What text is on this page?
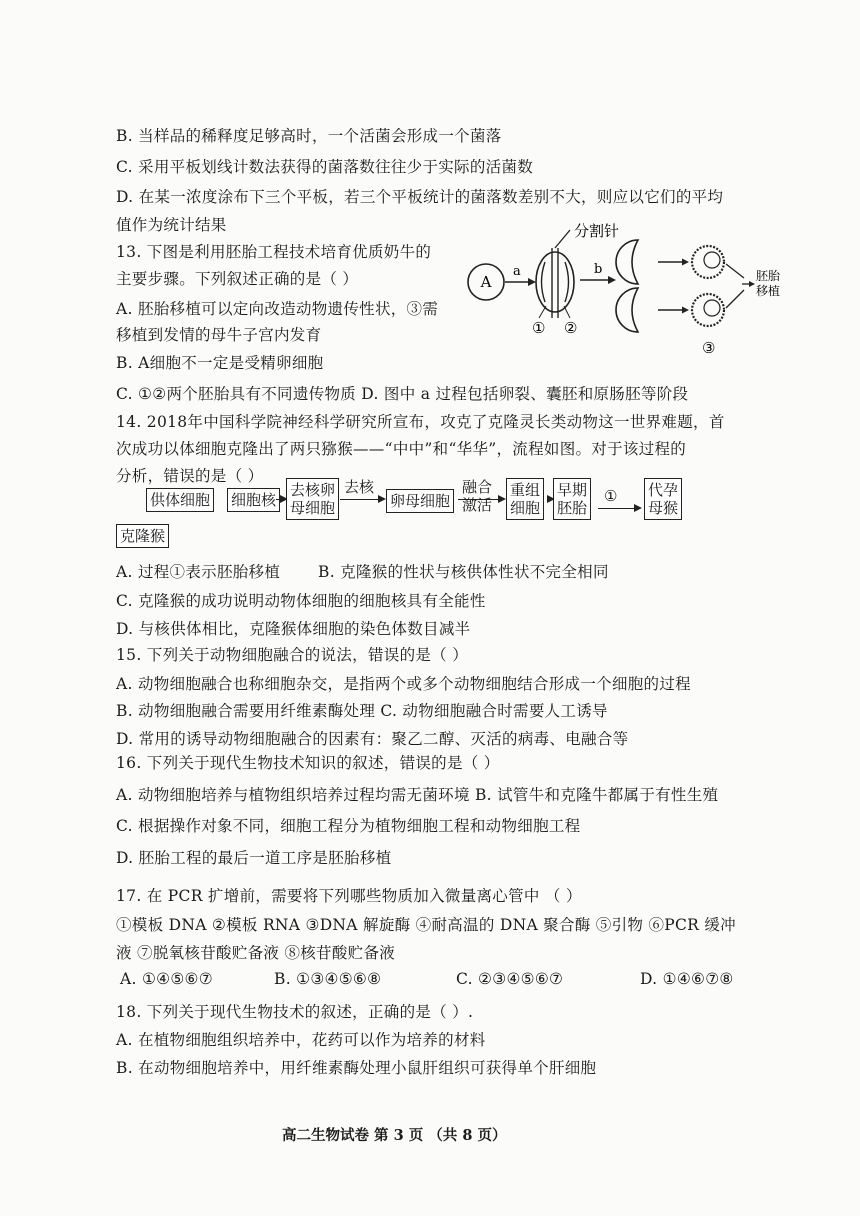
B. 当样品的稀释度足够高时，一个活菌会形成一个菌落
C. 采用平板划线计数法获得的菌落数往往少于实际的活菌数
D. 在某一浓度涂布下三个平板，若三个平板统计的菌落数差别不大，则应以它们的平均
值作为统计结果
13. 下图是利用胚胎工程技术培育优质奶牛的
主要步骤。下列叙述正确的是（ ）
A. 胚胎移植可以定向改造动物遗传性状，③需
移植到发情的母牛子宫内发育
B. A细胞不一定是受精卵细胞
C. ①②两个胚胎具有不同遗传物质 D. 图中 a 过程包括卵裂、囊胚和原肠胚等阶段
A
a
分割针
① ②
b
③
胚胎
移植
14. 2018年中国科学院神经科学研究所宣布，攻克了克隆灵长类动物这一世界难题，首
次成功以体细胞克隆出了两只猕猴——“中中”和“华华”，流程如图。对于该过程的
分析，错误的是（ ）
供体细胞 细胞核
去核卵
母细胞
去核
卵母细胞
融合
激活
重组
细胞
早期
胚胎
① 代孕
母猴
克隆猴
A. 过程①表示胚胎移植 B. 克隆猴的性状与核供体性状不完全相同
C. 克隆猴的成功说明动物体细胞的细胞核具有全能性
D. 与核供体相比，克隆猴体细胞的染色体数目减半
15. 下列关于动物细胞融合的说法，错误的是（ ）
A. 动物细胞融合也称细胞杂交，是指两个或多个动物细胞结合形成一个细胞的过程
B. 动物细胞融合需要用纤维素酶处理 C. 动物细胞融合时需要人工诱导
D. 常用的诱导动物细胞融合的因素有：聚乙二醇、灭活的病毒、电融合等
16. 下列关于现代生物技术知识的叙述，错误的是（ ）
A. 动物细胞培养与植物组织培养过程均需无菌环境 B. 试管牛和克隆牛都属于有性生殖
C. 根据操作对象不同，细胞工程分为植物细胞工程和动物细胞工程
D. 胚胎工程的最后一道工序是胚胎移植
17. 在 PCR 扩增前，需要将下列哪些物质加入微量离心管中 （ ）
①模板 DNA ②模板 RNA ③DNA 解旋酶 ④耐高温的 DNA 聚合酶 ⑤引物 ⑥PCR 缓冲
液 ⑦脱氧核苷酸贮备液 ⑧核苷酸贮备液
A. ①④⑤⑥⑦	B. ①③④⑤⑥⑧	C. ②③④⑤⑥⑦	D. ①④⑥⑦⑧
18. 下列关于现代生物技术的叙述，正确的是（ ）.
A. 在植物细胞组织培养中，花药可以作为培养的材料
B. 在动物细胞培养中，用纤维素酶处理小鼠肝组织可获得单个肝细胞
高二生物试卷 第 3 页 （共 8 页）
